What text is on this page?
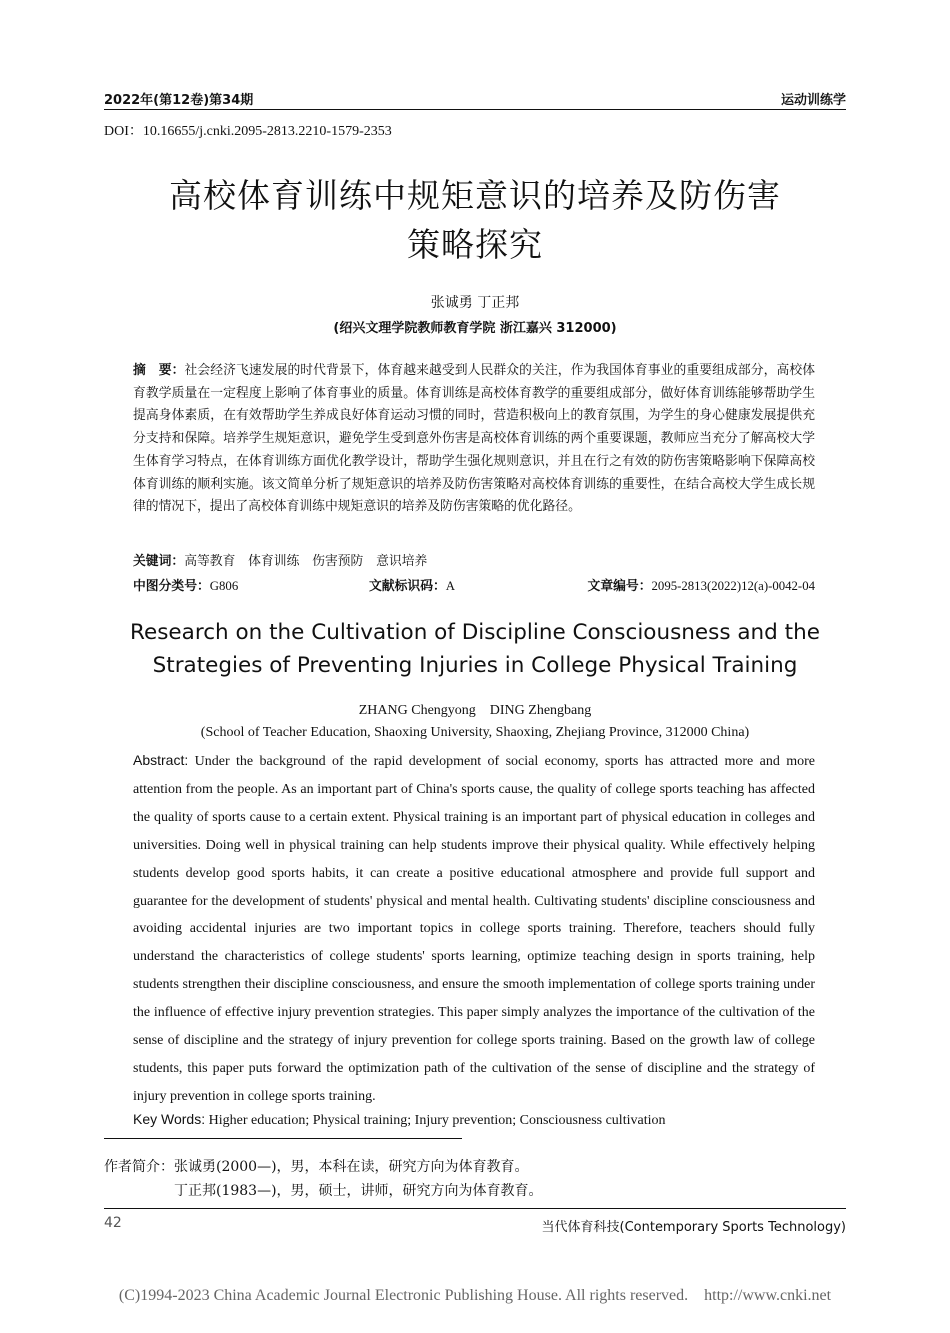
2022年(第12卷)第34期	运动训练学
DOI：10.16655/j.cnki.2095-2813.2210-1579-2353
高校体育训练中规矩意识的培养及防伤害
策略探究
张诚勇 丁正邦
(绍兴文理学院教师教育学院 浙江嘉兴 312000)
摘　要：社会经济飞速发展的时代背景下，体育越来越受到人民群众的关注，作为我国体育事业的重要组成部分，高校体育教学质量在一定程度上影响了体育事业的质量。体育训练是高校体育教学的重要组成部分，做好体育训练能够帮助学生提高身体素质，在有效帮助学生养成良好体育运动习惯的同时，营造积极向上的教育氛围，为学生的身心健康发展提供充分支持和保障。培养学生规矩意识，避免学生受到意外伤害是高校体育训练的两个重要课题，教师应当充分了解高校大学生体育学习特点，在体育训练方面优化教学设计，帮助学生强化规则意识，并且在行之有效的防伤害策略影响下保障高校体育训练的顺利实施。该文简单分析了规矩意识的培养及防伤害策略对高校体育训练的重要性，在结合高校大学生成长规律的情况下，提出了高校体育训练中规矩意识的培养及防伤害策略的优化路径。
关键词：高等教育　体育训练　伤害预防　意识培养
中图分类号：G806	文献标识码：A	文章编号：2095-2813(2022)12(a)-0042-04
Research on the Cultivation of Discipline Consciousness and the
Strategies of Preventing Injuries in College Physical Training
ZHANG Chengyong    DING Zhengbang
(School of Teacher Education, Shaoxing University, Shaoxing, Zhejiang Province, 312000 China)
Abstract: Under the background of the rapid development of social economy, sports has attracted more and more attention from the people. As an important part of China's sports cause, the quality of college sports teaching has affected the quality of sports cause to a certain extent. Physical training is an important part of physical education in colleges and universities. Doing well in physical training can help students improve their physical quality. While effectively helping students develop good sports habits, it can create a positive educational atmosphere and provide full support and guarantee for the development of students' physical and mental health. Cultivating students' discipline consciousness and avoiding accidental injuries are two important topics in college sports training. Therefore, teachers should fully understand the characteristics of college students' sports learning, optimize teaching design in sports training, help students strengthen their discipline consciousness, and ensure the smooth implementation of college sports training under the influence of effective injury prevention strategies. This paper simply analyzes the importance of the cultivation of the sense of discipline and the strategy of injury prevention for college sports training. Based on the growth law of college students, this paper puts forward the optimization path of the cultivation of the sense of discipline and the strategy of injury prevention in college sports training.
Key Words: Higher education; Physical training; Injury prevention; Consciousness cultivation
作者简介：张诚勇(2000—)，男，本科在读，研究方向为体育教育。
丁正邦(1983—)，男，硕士，讲师，研究方向为体育教育。
42	当代体育科技(Contemporary Sports Technology)
(C)1994-2023 China Academic Journal Electronic Publishing House. All rights reserved.    http://www.cnki.net
